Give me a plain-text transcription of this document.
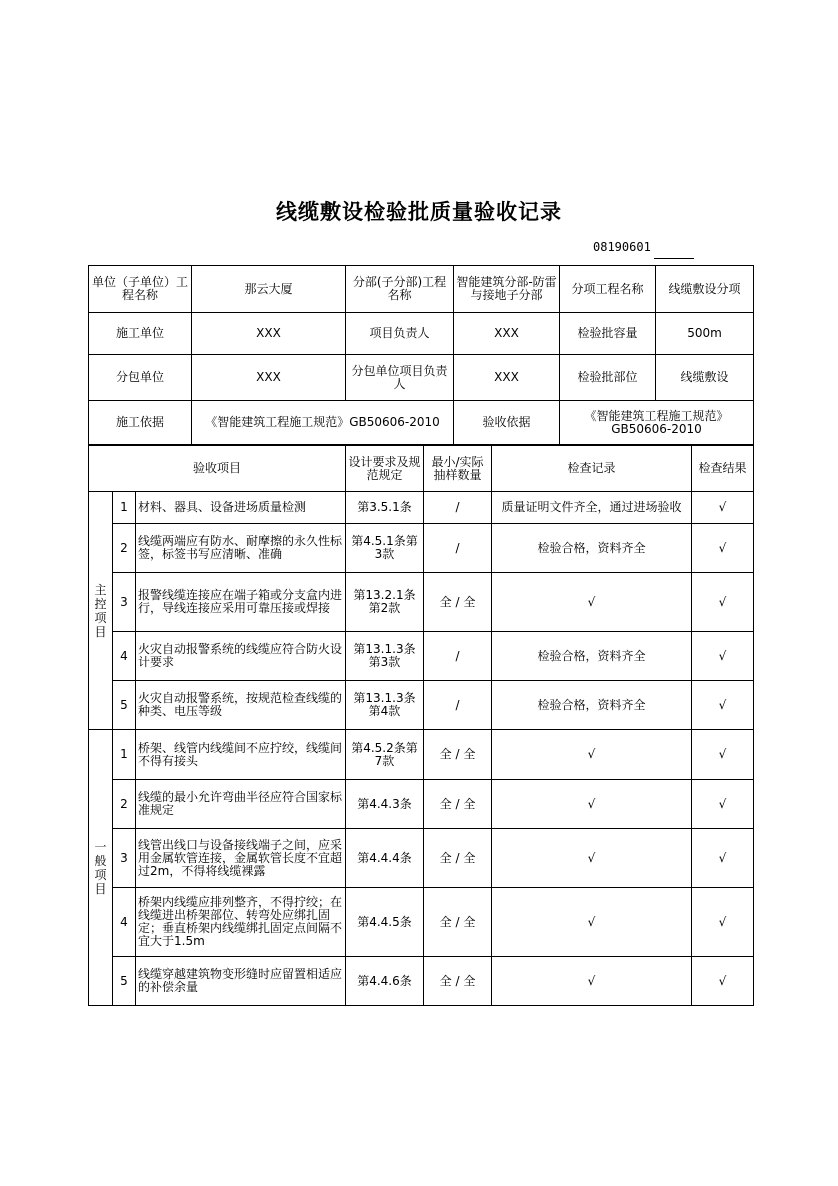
线缆敷设检验批质量验收记录
08190601
单位（子单位）工程名称	那云大厦	分部(子分部)工程名称	智能建筑分部-防雷与接地子分部	分项工程名称	线缆敷设分项
施工单位	XXX	项目负责人	XXX	检验批容量	500m
分包单位	XXX	分包单位项目负责人	XXX	检验批部位	线缆敷设
施工依据	《智能建筑工程施工规范》GB50606-2010		验收依据	《智能建筑工程施工规范》GB50606-2010	
验收项目			设计要求及规范规定	最小/实际抽样数量	检查记录	检查结果

主
控
项
目	1	材料、器具、设备进场质量检测	第3.5.1条	/	质量证明文件齐全，通过进场验收	√
	2	线缆两端应有防水、耐摩擦的永久性标签，标签书写应清晰、准确	第4.5.1条第3款	/	检验合格，资料齐全	√
	3	报警线缆连接应在端子箱或分支盒内进行，导线连接应采用可靠压接或焊接	第13.2.1条第2款	全 / 全	√	√
	4	火灾自动报警系统的线缆应符合防火设计要求	第13.1.3条第3款	/	检验合格，资料齐全	√
	5	火灾自动报警系统，按规范检查线缆的种类、电压等级	第13.1.3条第4款	/	检验合格，资料齐全	√

一
般
项
目	1	桥架、线管内线缆间不应拧绞，线缆间不得有接头	第4.5.2条第7款	全 / 全	√	√
	2	线缆的最小允许弯曲半径应符合国家标准规定	第4.4.3条	全 / 全	√	√
	3	线管出线口与设备接线端子之间，应采用金属软管连接，金属软管长度不宜超过2m，不得将线缆裸露	第4.4.4条	全 / 全	√	√
	4	桥架内线缆应排列整齐，不得拧绞；在线缆进出桥架部位、转弯处应绑扎固定；垂直桥架内线缆绑扎固定点间隔不宜大于1.5m	第4.4.5条	全 / 全	√	√
	5	线缆穿越建筑物变形缝时应留置相适应的补偿余量	第4.4.6条	全 / 全	√	√
